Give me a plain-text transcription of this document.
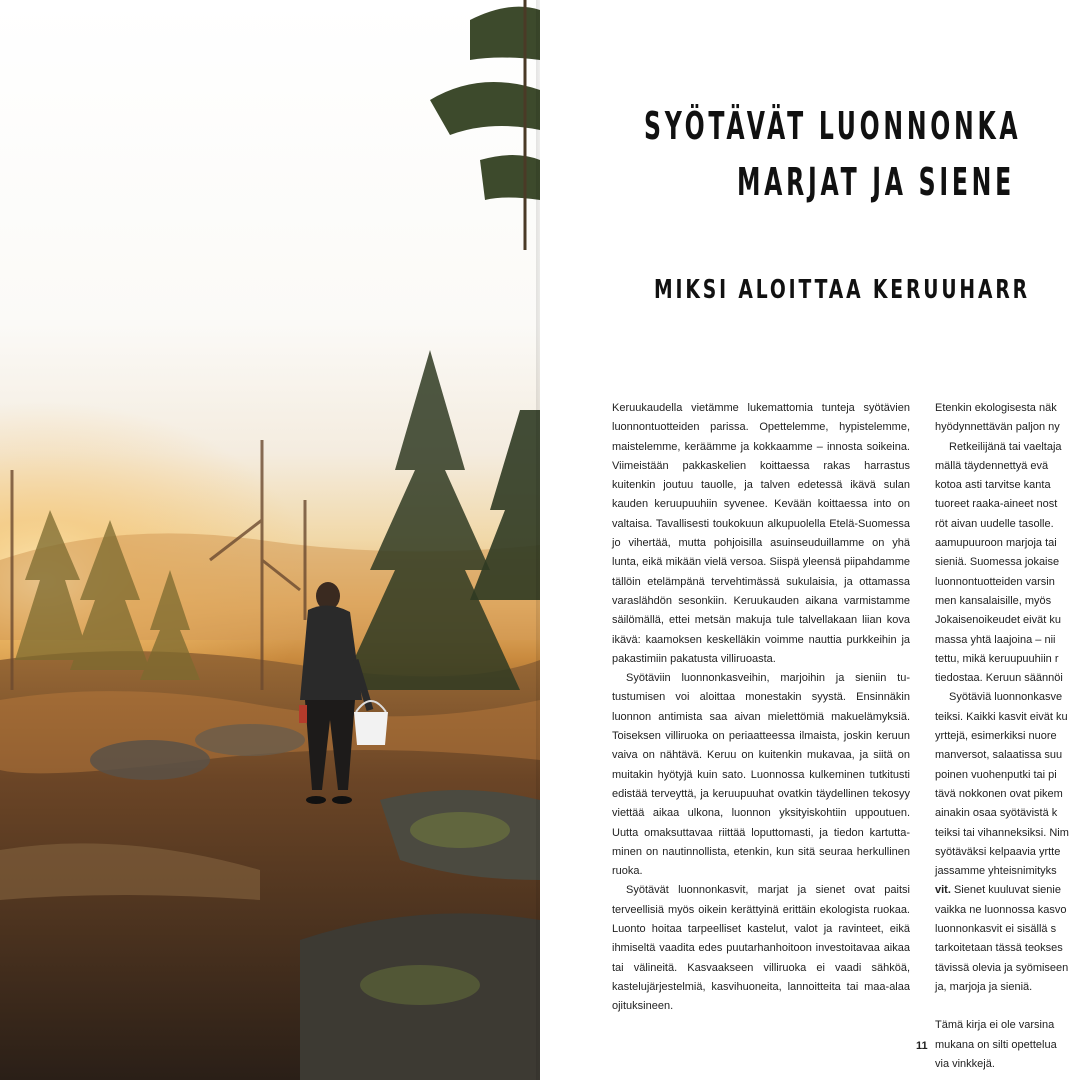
SYÖTÄVÄT LUONNONKA
MARJAT JA SIENE
MIKSI ALOITTAA KERUUHARR

Keruukaudella vietämme lukemattomia tunteja syötävien luonnontuotteiden parissa. Opettelemme, hypistelemme, maistelemme, keräämme ja kokkaamme – innosta soikeina. Viimeistään pakkaskelien koittaessa rakas harrastus kuitenkin joutuu tauolle, ja talven edetessä ikävä sulan kauden keruupuuhiin syvenee. Kevään koittaessa into on valtaisa. Tavallisesti toukokuun alkupuolella Etelä-Suomessa jo vihertää, mutta pohjoisilla asuinseuduillamme on yhä lunta, eikä mikään vielä versoa. Siispä yleensä piipahdamme tällöin etelämpänä tervehtimässä sukulaisia, ja ottamassa varaslähdön sesonkiin. Keruukauden aikana varmistamme säilömällä, ettei metsän makuja tule talvellakaan liian kova ikävä: kaamoksen keskelläkin voimme nauttia purkkeihin ja pakastimiin pakatusta villiruoasta.

Syötäviin luonnonkasveihin, marjoihin ja sieniin tutustumisen voi aloittaa monestakin syystä. Ensinnäkin luonnon antimista saa aivan mielettömiä makuelämyksiä. Toiseksen villiruoka on periaatteessa ilmaista, joskin keruun vaiva on nähtävä. Keruu on kuitenkin mukavaa, ja siitä on muitakin hyötyjä kuin sato. Luonnossa kulkeminen tutkitusti edistää terveyttä, ja keruupuuhat ovatkin täydellinen tekosyy viettää aikaa ulkona, luonnon yksityiskohtiin uppoutuen. Uutta omaksuttavaa riittää loputtomasti, ja tiedon kartuttaminen on nautinnollista, etenkin, kun sitä seuraa herkullinen ruoka.

Syötävät luonnonkasvit, marjat ja sienet ovat paitsi terveellisiä myös oikein kerättyinä erittäin ekologista ruokaa. Luonto hoitaa tarpeelliset kastelut, valot ja ravinteet, eikä ihmiseltä vaadita edes puutarhanhoitoon investoitavaa aikaa tai välineitä. Kasvaakseen villiruoka ei vaadi sähköä, kastelujärjestelmiä, kasvihuoneita, lannoitteita tai maa-alaa ojituksineen.

Etenkin ekologisesta näk
hyödynnettävän paljon ny
Retkeilijänä tai vaeltaja
mällä täydennettyä evä
kotoa asti tarvitse kanta
tuoreet raaka-aineet nost
röt aivan uudelle tasolle.
aamupuuroon marjoja tai
sieniä. Suomessa jokaise
luonnontuotteiden varsin
men kansalaisille, myös
Jokaisenoikeudet eivät ku
massa yhtä laajoina – nii
tettu, mikä keruupuuhiin r
tiedostaa. Keruun säännöi
Syötäviä luonnonkasve
teiksi. Kaikki kasvit eivät ku
yrttejä, esimerkiksi nuore
manversot, salaatissa suu
poinen vuohenputki tai pi
tävä nokkonen ovat pikem
ainakin osaa syötävistä k
teiksi tai vihanneksiksi. Nim
syötäväksi kelpaavia yrtte
jassamme yhteisnimityks
vit. Sienet kuuluvat sienie
vaikka ne luonnossa kasvo
luonnonkasvit ei sisällä s
tarkoitetaan tässä teokses
tävissä olevia ja syömiseen
ja, marjoja ja sieniä.
Tämä kirja ei ole varsina
mukana on silti opettelua
via vinkkejä.
11
